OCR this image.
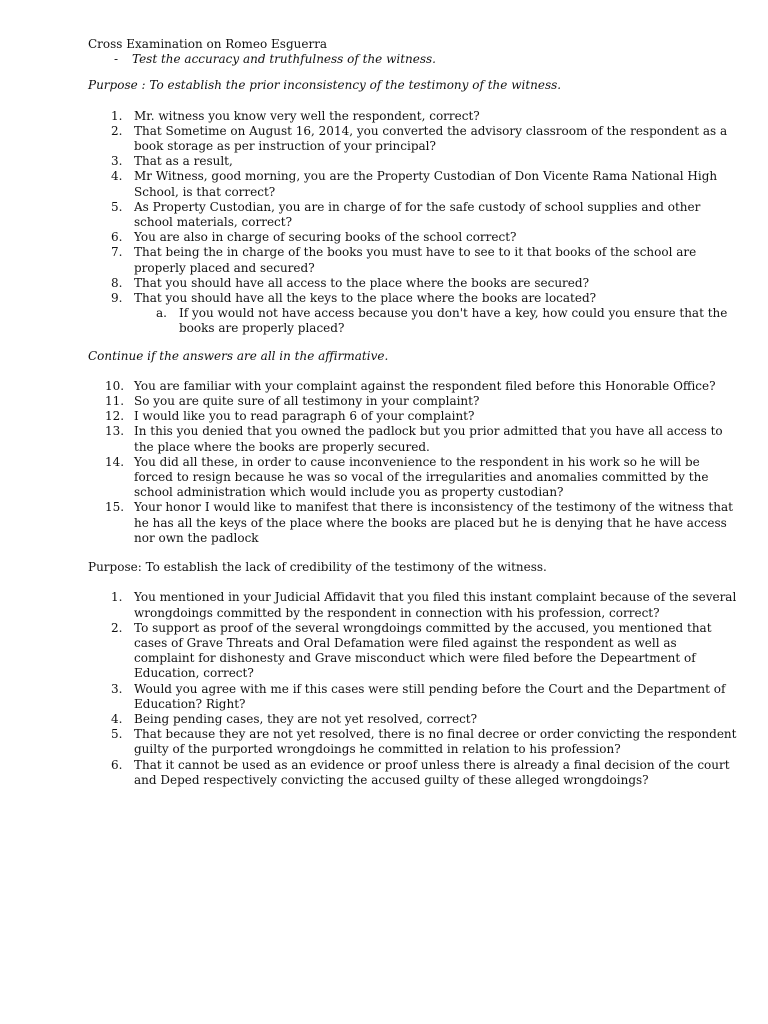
Cross Examination on Romeo Esguerra

-	Test the accuracy and truthfulness of the witness.

Purpose : To establish the prior inconsistency of the testimony of the witness.

1. Mr. witness you know very well the respondent, correct?
2. That Sometime on August 16, 2014, you converted the advisory classroom of the respondent as a book storage as per instruction of your principal?
3. That as a result,
4. Mr Witness, good morning, you are the Property Custodian of Don Vicente Rama National High School, is that correct?
5. As Property Custodian, you are in charge of for the safe custody of school supplies and other school materials, correct?
6. You are also in charge of securing books of the school correct?
7. That being the in charge of the books you must have to see to it that books of the school are properly placed and secured?
8. That you should have all access to the place where the books are secured?
9. That you should have all the keys to the place where the books are located?
a.	If you would not have access because you don't have a key, how could you ensure that the books are properly placed?

Continue if the answers are all in the affirmative.

10. You are familiar with your complaint against the respondent filed before this Honorable Office?
11. So you are quite sure of all testimony in your complaint?
12. I would like you to read paragraph 6 of your complaint?
13. In this you denied that you owned the padlock but you prior admitted that you have all access to the place where the books are properly secured.
14. You did all these, in order to cause inconvenience to the respondent in his work so he will be forced to resign because he was so vocal of the irregularities and anomalies committed by the school administration which would include you as property custodian?
15. Your honor I would like to manifest that there is inconsistency of the testimony of the witness that he has all the keys of the place where the books are placed but he is denying that he have access nor own the padlock

Purpose: To establish the lack of credibility of the testimony of the witness.

1. You mentioned in your Judicial Affidavit that you filed this instant complaint because of the several wrongdoings committed by the respondent in connection with his profession, correct?
2. To support as proof of the several wrongdoings committed by the accused, you mentioned that cases of Grave Threats and Oral Defamation were filed against the respondent as well as complaint for dishonesty and Grave misconduct which were filed before the Depeartment of Education, correct?
3. Would you agree with me if this cases were still pending before the Court and the Department of Education? Right?
4. Being pending cases, they are not yet resolved, correct?
5. That because they are not yet resolved, there is no final decree or order convicting the respondent guilty of the purported wrongdoings he committed in relation to his profession?
6. That it cannot be used as an evidence or proof unless there is already a final decision of the court and Deped respectively convicting the accused guilty of these alleged wrongdoings?
